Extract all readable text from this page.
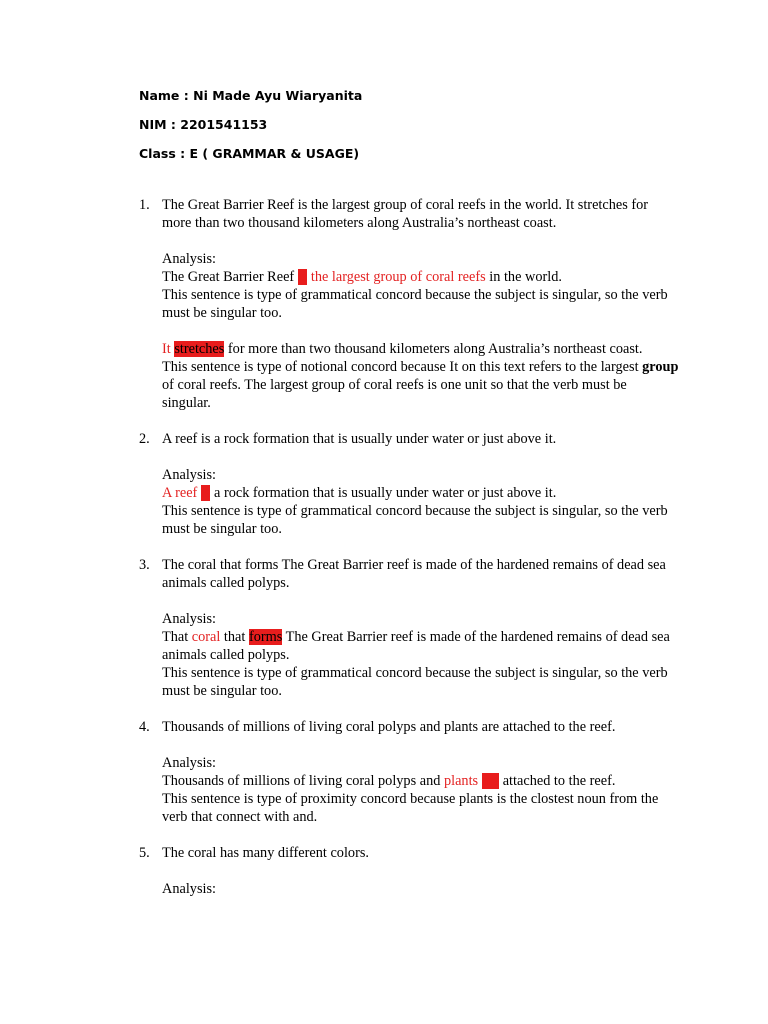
Name : Ni Made Ayu Wiaryanita
NIM : 2201541153
Class : E ( GRAMMAR & USAGE)
1. The Great Barrier Reef is the largest group of coral reefs in the world. It stretches for more than two thousand kilometers along Australia’s northeast coast.

Analysis:

The Great Barrier Reef is the largest group of coral reefs in the world.

This sentence is type of grammatical concord because the subject is singular, so the verb must be singular too.

It stretches for more than two thousand kilometers along Australia’s northeast coast.

This sentence is type of notional concord because It on this text refers to the largest group of coral reefs. The largest group of coral reefs is one unit so that the verb must be singular.

2. A reef is a rock formation that is usually under water or just above it.

Analysis:

A reef is a rock formation that is usually under water or just above it.

This sentence is type of grammatical concord because the subject is singular, so the verb must be singular too.

3. The coral that forms The Great Barrier reef is made of the hardened remains of dead sea animals called polyps.

Analysis:

That coral that forms The Great Barrier reef is made of the hardened remains of dead sea animals called polyps.

This sentence is type of grammatical concord because the subject is singular, so the verb must be singular too.

4. Thousands of millions of living coral polyps and plants are attached to the reef.

Analysis:

Thousands of millions of living coral polyps and plants are attached to the reef.

This sentence is type of proximity concord because plants is the clostest noun from the verb that connect with and.

5. The coral has many different colors.

Analysis:
